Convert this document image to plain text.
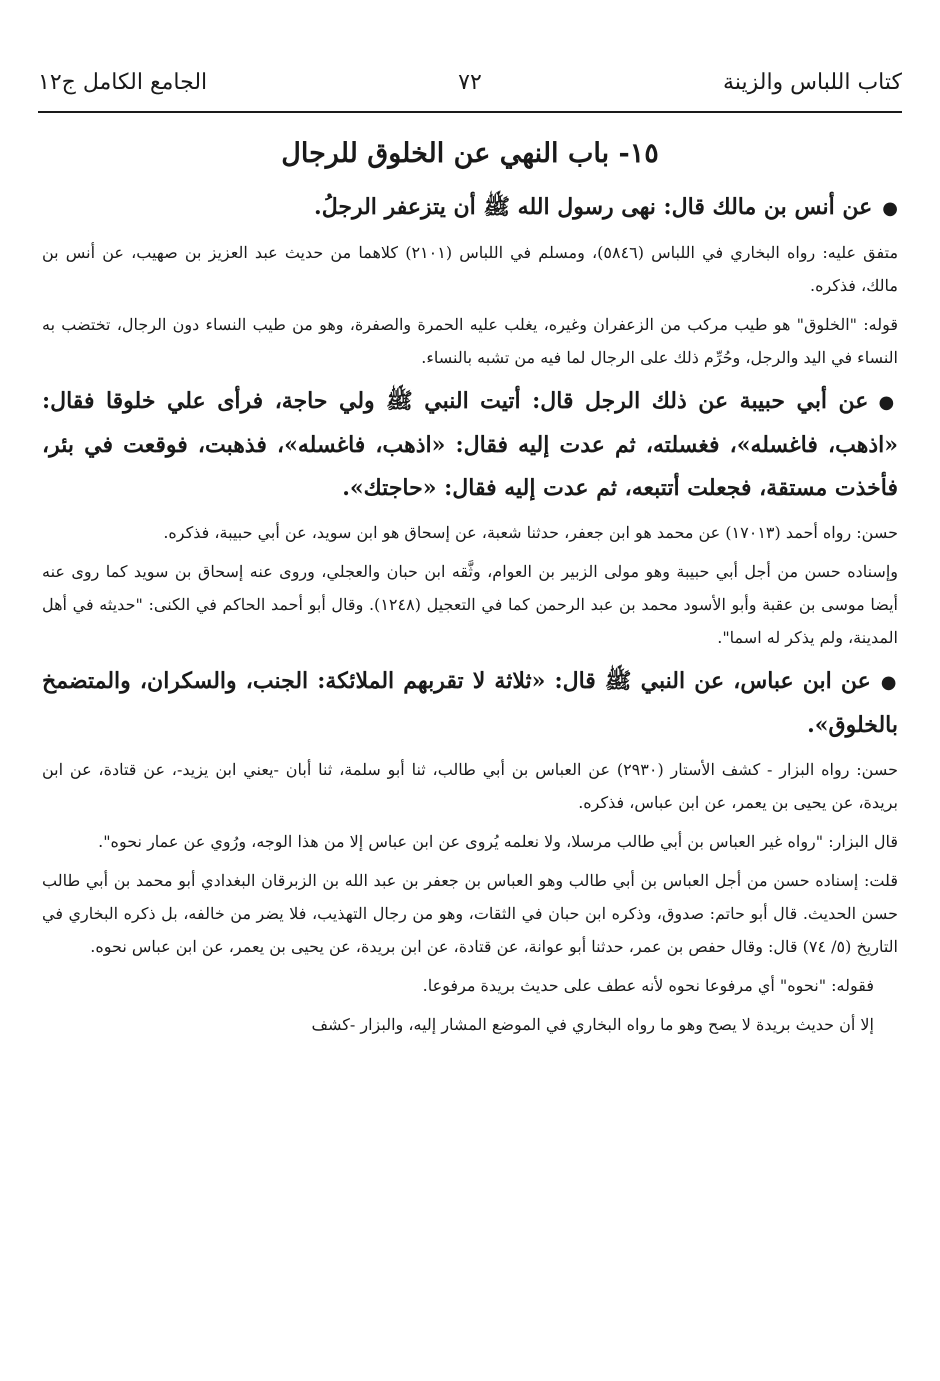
كتاب اللباس والزينة
٧٢
الجامع الكامل ج١٢
١٥- باب النهي عن الخلوق للرجال

●عن أنس بن مالك قال: نهى رسول الله ﷺ أن يتزعفر الرجلُ.

متفق عليه: رواه البخاري في اللباس (٥٨٤٦)، ومسلم في اللباس (٢١٠١) كلاهما من حديث عبد العزيز بن صهيب، عن أنس بن مالك، فذكره.

قوله: "الخلوق" هو طيب مركب من الزعفران وغيره، يغلب عليه الحمرة والصفرة، وهو من طيب النساء دون الرجال، تختضب به النساء في اليد والرجل، وحُرِّم ذلك على الرجال لما فيه من تشبه بالنساء.

●عن أبي حبيبة عن ذلك الرجل قال: أتيت النبي ﷺ ولي حاجة، فرأى علي خلوقا فقال: «اذهب، فاغسله»، فغسلته، ثم عدت إليه فقال: «اذهب، فاغسله»، فذهبت، فوقعت في بئر، فأخذت مستقة، فجعلت أتتبعه، ثم عدت إليه فقال: «حاجتك».

حسن: رواه أحمد (١٧٠١٣) عن محمد هو ابن جعفر، حدثنا شعبة، عن إسحاق هو ابن سويد، عن أبي حبيبة، فذكره.

وإسناده حسن من أجل أبي حبيبة وهو مولى الزبير بن العوام، وثَّقه ابن حبان والعجلي، وروى عنه إسحاق بن سويد كما روى عنه أيضا موسى بن عقبة وأبو الأسود محمد بن عبد الرحمن كما في التعجيل (١٢٤٨). وقال أبو أحمد الحاكم في الكنى: "حديثه في أهل المدينة، ولم يذكر له اسما".

●عن ابن عباس، عن النبي ﷺ قال: «ثلاثة لا تقربهم الملائكة: الجنب، والسكران، والمتضمخ بالخلوق».

حسن: رواه البزار - كشف الأستار (٢٩٣٠) عن العباس بن أبي طالب، ثنا أبو سلمة، ثنا أبان -يعني ابن يزيد-، عن قتادة، عن ابن بريدة، عن يحيى بن يعمر، عن ابن عباس، فذكره.

قال البزار: "رواه غير العباس بن أبي طالب مرسلا، ولا نعلمه يُروى عن ابن عباس إلا من هذا الوجه، ورُوي عن عمار نحوه".

قلت: إسناده حسن من أجل العباس بن أبي طالب وهو العباس بن جعفر بن عبد الله بن الزبرقان البغدادي أبو محمد بن أبي طالب حسن الحديث. قال أبو حاتم: صدوق، وذكره ابن حبان في الثقات، وهو من رجال التهذيب، فلا يضر من خالفه، بل ذكره البخاري في التاريخ (٥/ ٧٤) قال: وقال حفص بن عمر، حدثنا أبو عوانة، عن قتادة، عن ابن بريدة، عن يحيى بن يعمر، عن ابن عباس نحوه.

فقوله: "نحوه" أي مرفوعا نحوه لأنه عطف على حديث بريدة مرفوعا.

إلا أن حديث بريدة لا يصح وهو ما رواه البخاري في الموضع المشار إليه، والبزار -كشف
